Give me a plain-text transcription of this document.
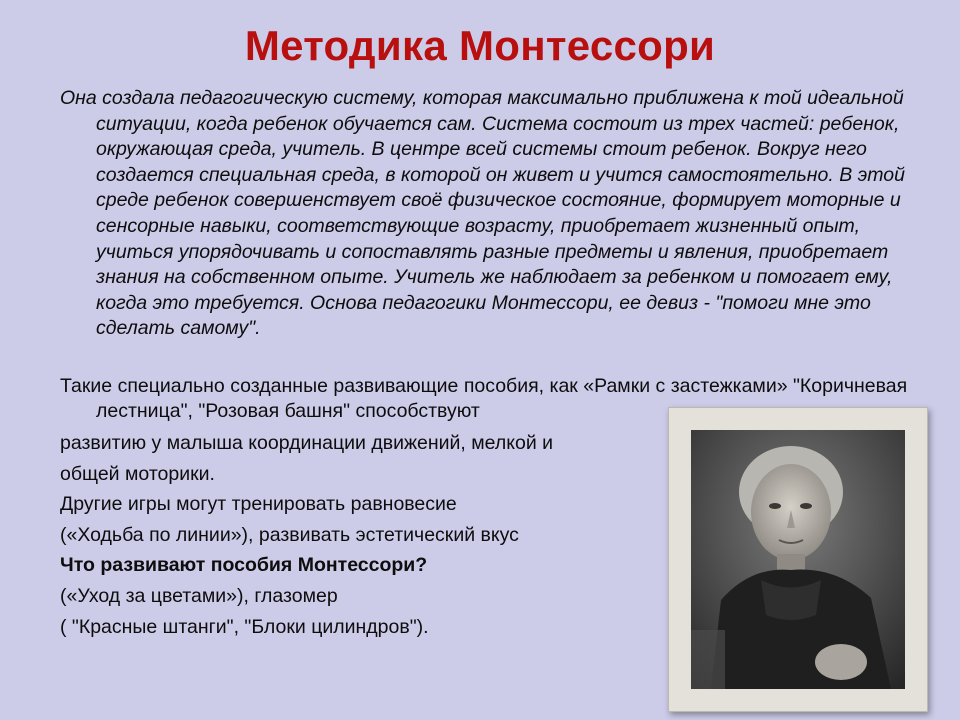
Методика Монтессори

Она создала педагогическую систему, которая максимально приближена к той идеальной ситуации, когда ребенок обучается сам. Система состоит из трех частей: ребенок, окружающая среда, учитель. В центре всей системы стоит ребенок. Вокруг него создается специальная среда, в которой он живет и учится самостоятельно. В этой среде ребенок совершенствует своё физическое состояние, формирует моторные и сенсорные навыки, соответствующие возрасту, приобретает жизненный опыт, учиться упорядочивать и сопоставлять разные предметы и явления, приобретает знания на собственном опыте. Учитель же наблюдает за ребенком и помогает ему, когда это требуется. Основа педагогики Монтессори, ее девиз - "помоги мне это сделать самому".

Такие специально созданные развивающие пособия, как «Рамки с застежками» "Коричневая лестница", "Розовая башня" способствуют
развитию у малыша координации движений, мелкой и
общей моторики.
Другие игры могут тренировать равновесие
(«Ходьба по линии»), развивать эстетический вкус
Что развивают пособия Монтессори?
(«Уход за цветами»), глазомер
( "Красные штанги", "Блоки цилиндров").
